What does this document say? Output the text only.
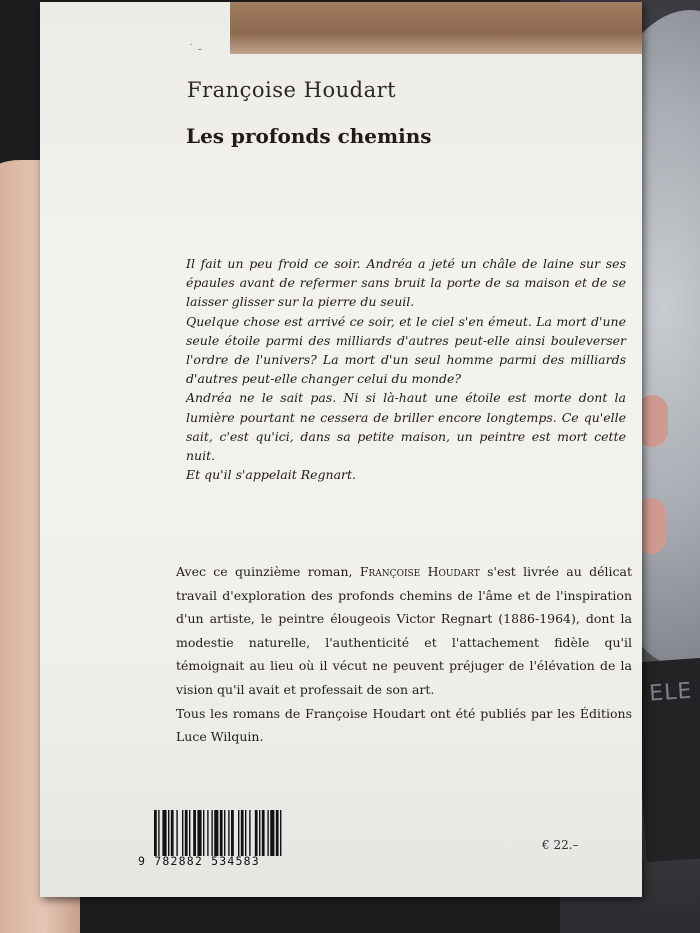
ELE
˙ -
Françoise Houdart
Les profonds chemins

Il fait un peu froid ce soir. Andréa a jeté un châle de laine sur ses épaules avant de refermer sans bruit la porte de sa maison et de se laisser glisser sur la pierre du seuil.

Quelque chose est arrivé ce soir, et le ciel s'en émeut. La mort d'une seule étoile parmi des milliards d'autres peut-elle ainsi bouleverser l'ordre de l'univers? La mort d'un seul homme parmi des milliards d'autres peut-elle changer celui du monde?

Andréa ne le sait pas. Ni si là-haut une étoile est morte dont la lumière pourtant ne cessera de briller encore longtemps. Ce qu'elle sait, c'est qu'ici, dans sa petite maison, un peintre est mort cette nuit.

Et qu'il s'appelait Regnart.

Avec ce quinzième roman, Françoise Houdart s'est livrée au délicat travail d'exploration des profonds chemins de l'âme et de l'inspiration d'un artiste, le peintre élougeois Victor Regnart (1886-1964), dont la modestie naturelle, l'authenticité et l'attachement fidèle qu'il témoignait au lieu où il vécut ne peuvent préjuger de l'élévation de la vision qu'il avait et professait de son art.

Tous les romans de Françoise Houdart ont été publiés par les Éditions Luce Wilquin.

9 782882 534583
€ 22.–
